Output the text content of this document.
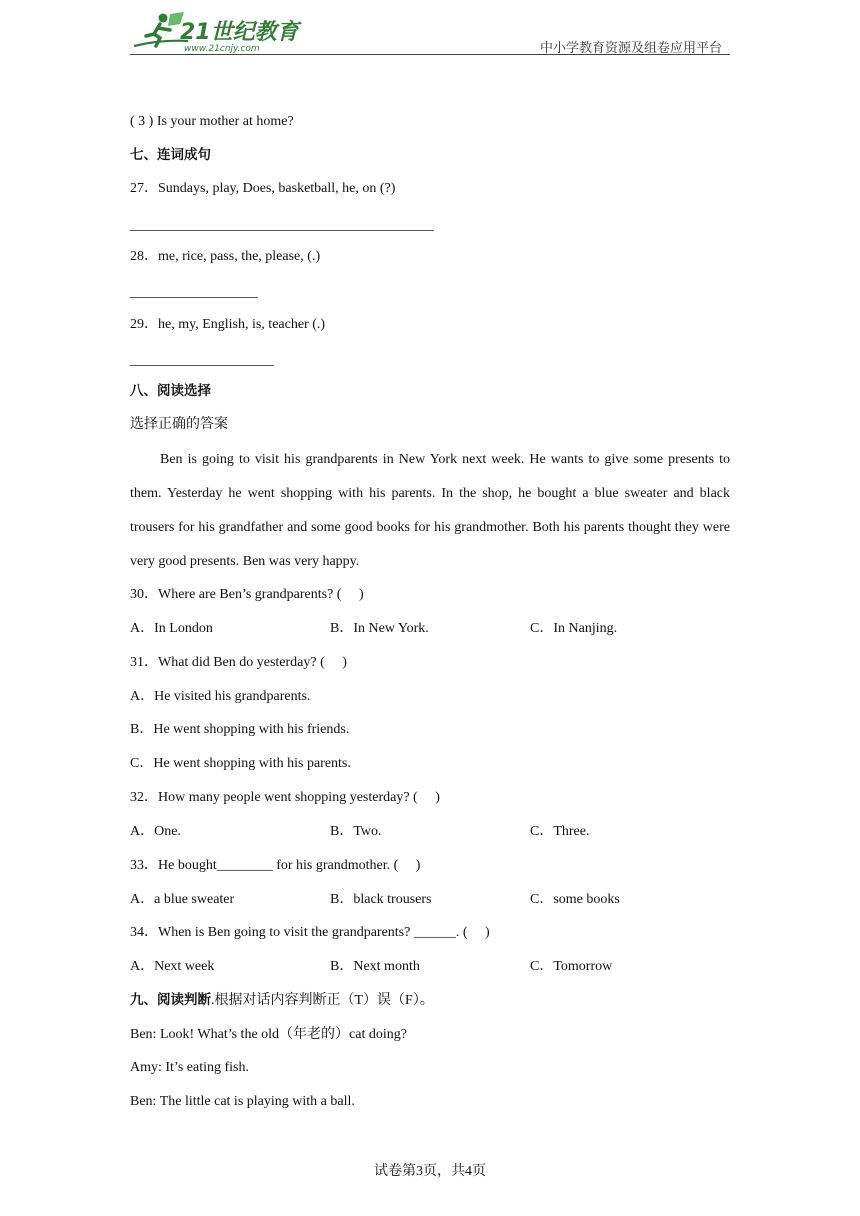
21世纪教育
www.21cnjy.com	中小学教育资源及组卷应用平台
( 3 ) Is your mother at home?
七、连词成句
27．Sundays, play, Does, basketball, he, on (?)
28．me, rice, pass, the, please, (.)
29．he, my, English, is, teacher (.)
八、阅读选择
选择正确的答案
Ben is going to visit his grandparents in New York next week. He wants to give some presents to them. Yesterday he went shopping with his parents. In the shop, he bought a blue sweater and black trousers for his grandfather and some good books for his grandmother. Both his parents thought they were very good presents. Ben was very happy.
30．Where are Ben’s grandparents? (　 )
A．In London	B．In New York.	C．In Nanjing.
31．What did Ben do yesterday? (　 )
A．He visited his grandparents.
B．He went shopping with his friends.
C．He went shopping with his parents.
32．How many people went shopping yesterday? (　 )
A．One.	B．Two.	C．Three.
33．He bought________ for his grandmother. (　 )
A．a blue sweater	B．black trousers	C．some books
34．When is Ben going to visit the grandparents? ______. (　 )
A．Next week	B．Next month	C．Tomorrow
九、阅读判断.根据对话内容判断正（T）误（F）。
Ben: Look! What’s the old（年老的）cat doing?
Amy: It’s eating fish.
Ben: The little cat is playing with a ball.
试卷第3页，共4页
